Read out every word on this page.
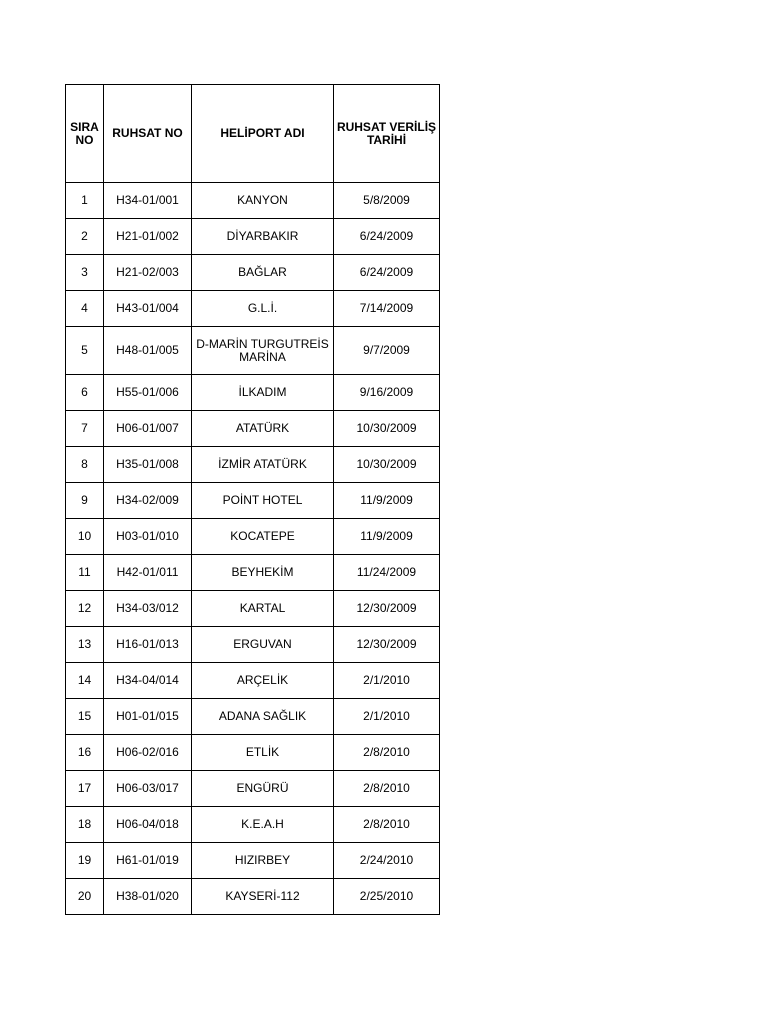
SIRA NO	RUHSAT NO	HELİPORT ADI	RUHSAT VERİLİŞ TARİHİ
1	H34-01/001	KANYON	5/8/2009
2	H21-01/002	DİYARBAKIR	6/24/2009
3	H21-02/003	BAĞLAR	6/24/2009
4	H43-01/004	G.L.İ.	7/14/2009
5	H48-01/005	D-MARİN TURGUTREİS MARİNA	9/7/2009
6	H55-01/006	İLKADIM	9/16/2009
7	H06-01/007	ATATÜRK	10/30/2009
8	H35-01/008	İZMİR ATATÜRK	10/30/2009
9	H34-02/009	POİNT HOTEL	11/9/2009
10	H03-01/010	KOCATEPE	11/9/2009
11	H42-01/011	BEYHEKİM	11/24/2009
12	H34-03/012	KARTAL	12/30/2009
13	H16-01/013	ERGUVAN	12/30/2009
14	H34-04/014	ARÇELİK	2/1/2010
15	H01-01/015	ADANA SAĞLIK	2/1/2010
16	H06-02/016	ETLİK	2/8/2010
17	H06-03/017	ENGÜRÜ	2/8/2010
18	H06-04/018	K.E.A.H	2/8/2010
19	H61-01/019	HIZIRBEY	2/24/2010
20	H38-01/020	KAYSERİ-112	2/25/2010
